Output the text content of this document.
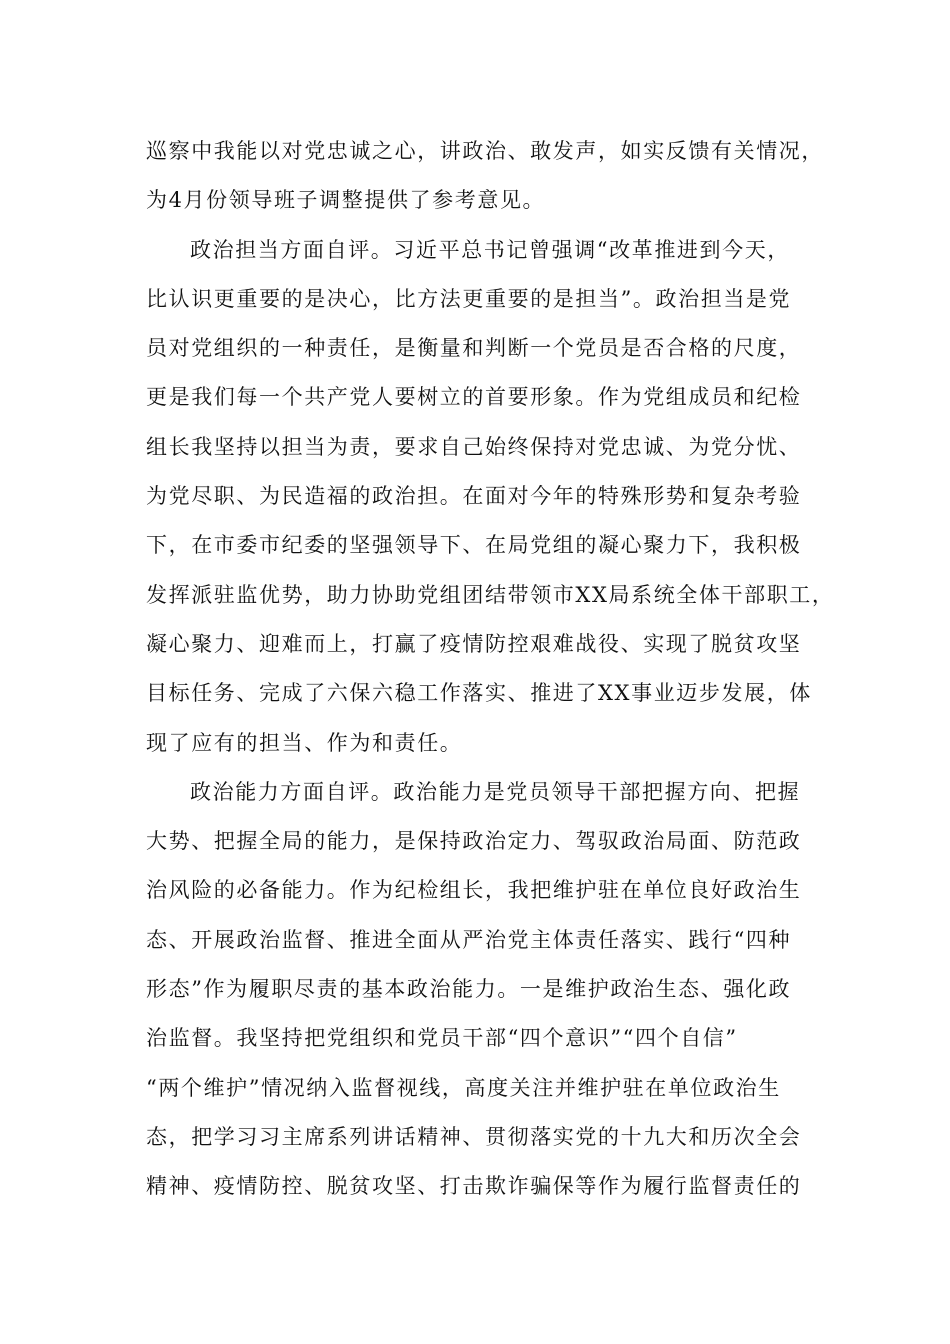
巡察中我能以对党忠诚之心，讲政治、敢发声，如实反馈有关情况，
为4月份领导班子调整提供了参考意见。
政治担当方面自评。习近平总书记曾强调“改革推进到今天，
比认识更重要的是决心，比方法更重要的是担当”。政治担当是党
员对党组织的一种责任，是衡量和判断一个党员是否合格的尺度，
更是我们每一个共产党人要树立的首要形象。作为党组成员和纪检
组长我坚持以担当为责，要求自己始终保持对党忠诚、为党分忧、
为党尽职、为民造福的政治担。在面对今年的特殊形势和复杂考验
下，在市委市纪委的坚强领导下、在局党组的凝心聚力下，我积极
发挥派驻监优势，助力协助党组团结带领市XX局系统全体干部职工，
凝心聚力、迎难而上，打赢了疫情防控艰难战役、实现了脱贫攻坚
目标任务、完成了六保六稳工作落实、推进了XX事业迈步发展，体
现了应有的担当、作为和责任。
政治能力方面自评。政治能力是党员领导干部把握方向、把握
大势、把握全局的能力，是保持政治定力、驾驭政治局面、防范政
治风险的必备能力。作为纪检组长，我把维护驻在单位良好政治生
态、开展政治监督、推进全面从严治党主体责任落实、践行“四种
形态”作为履职尽责的基本政治能力。一是维护政治生态、强化政
治监督。我坚持把党组织和党员干部“四个意识”“四个自信”
“两个维护”情况纳入监督视线，高度关注并维护驻在单位政治生
态，把学习习主席系列讲话精神、贯彻落实党的十九大和历次全会
精神、疫情防控、脱贫攻坚、打击欺诈骗保等作为履行监督责任的
